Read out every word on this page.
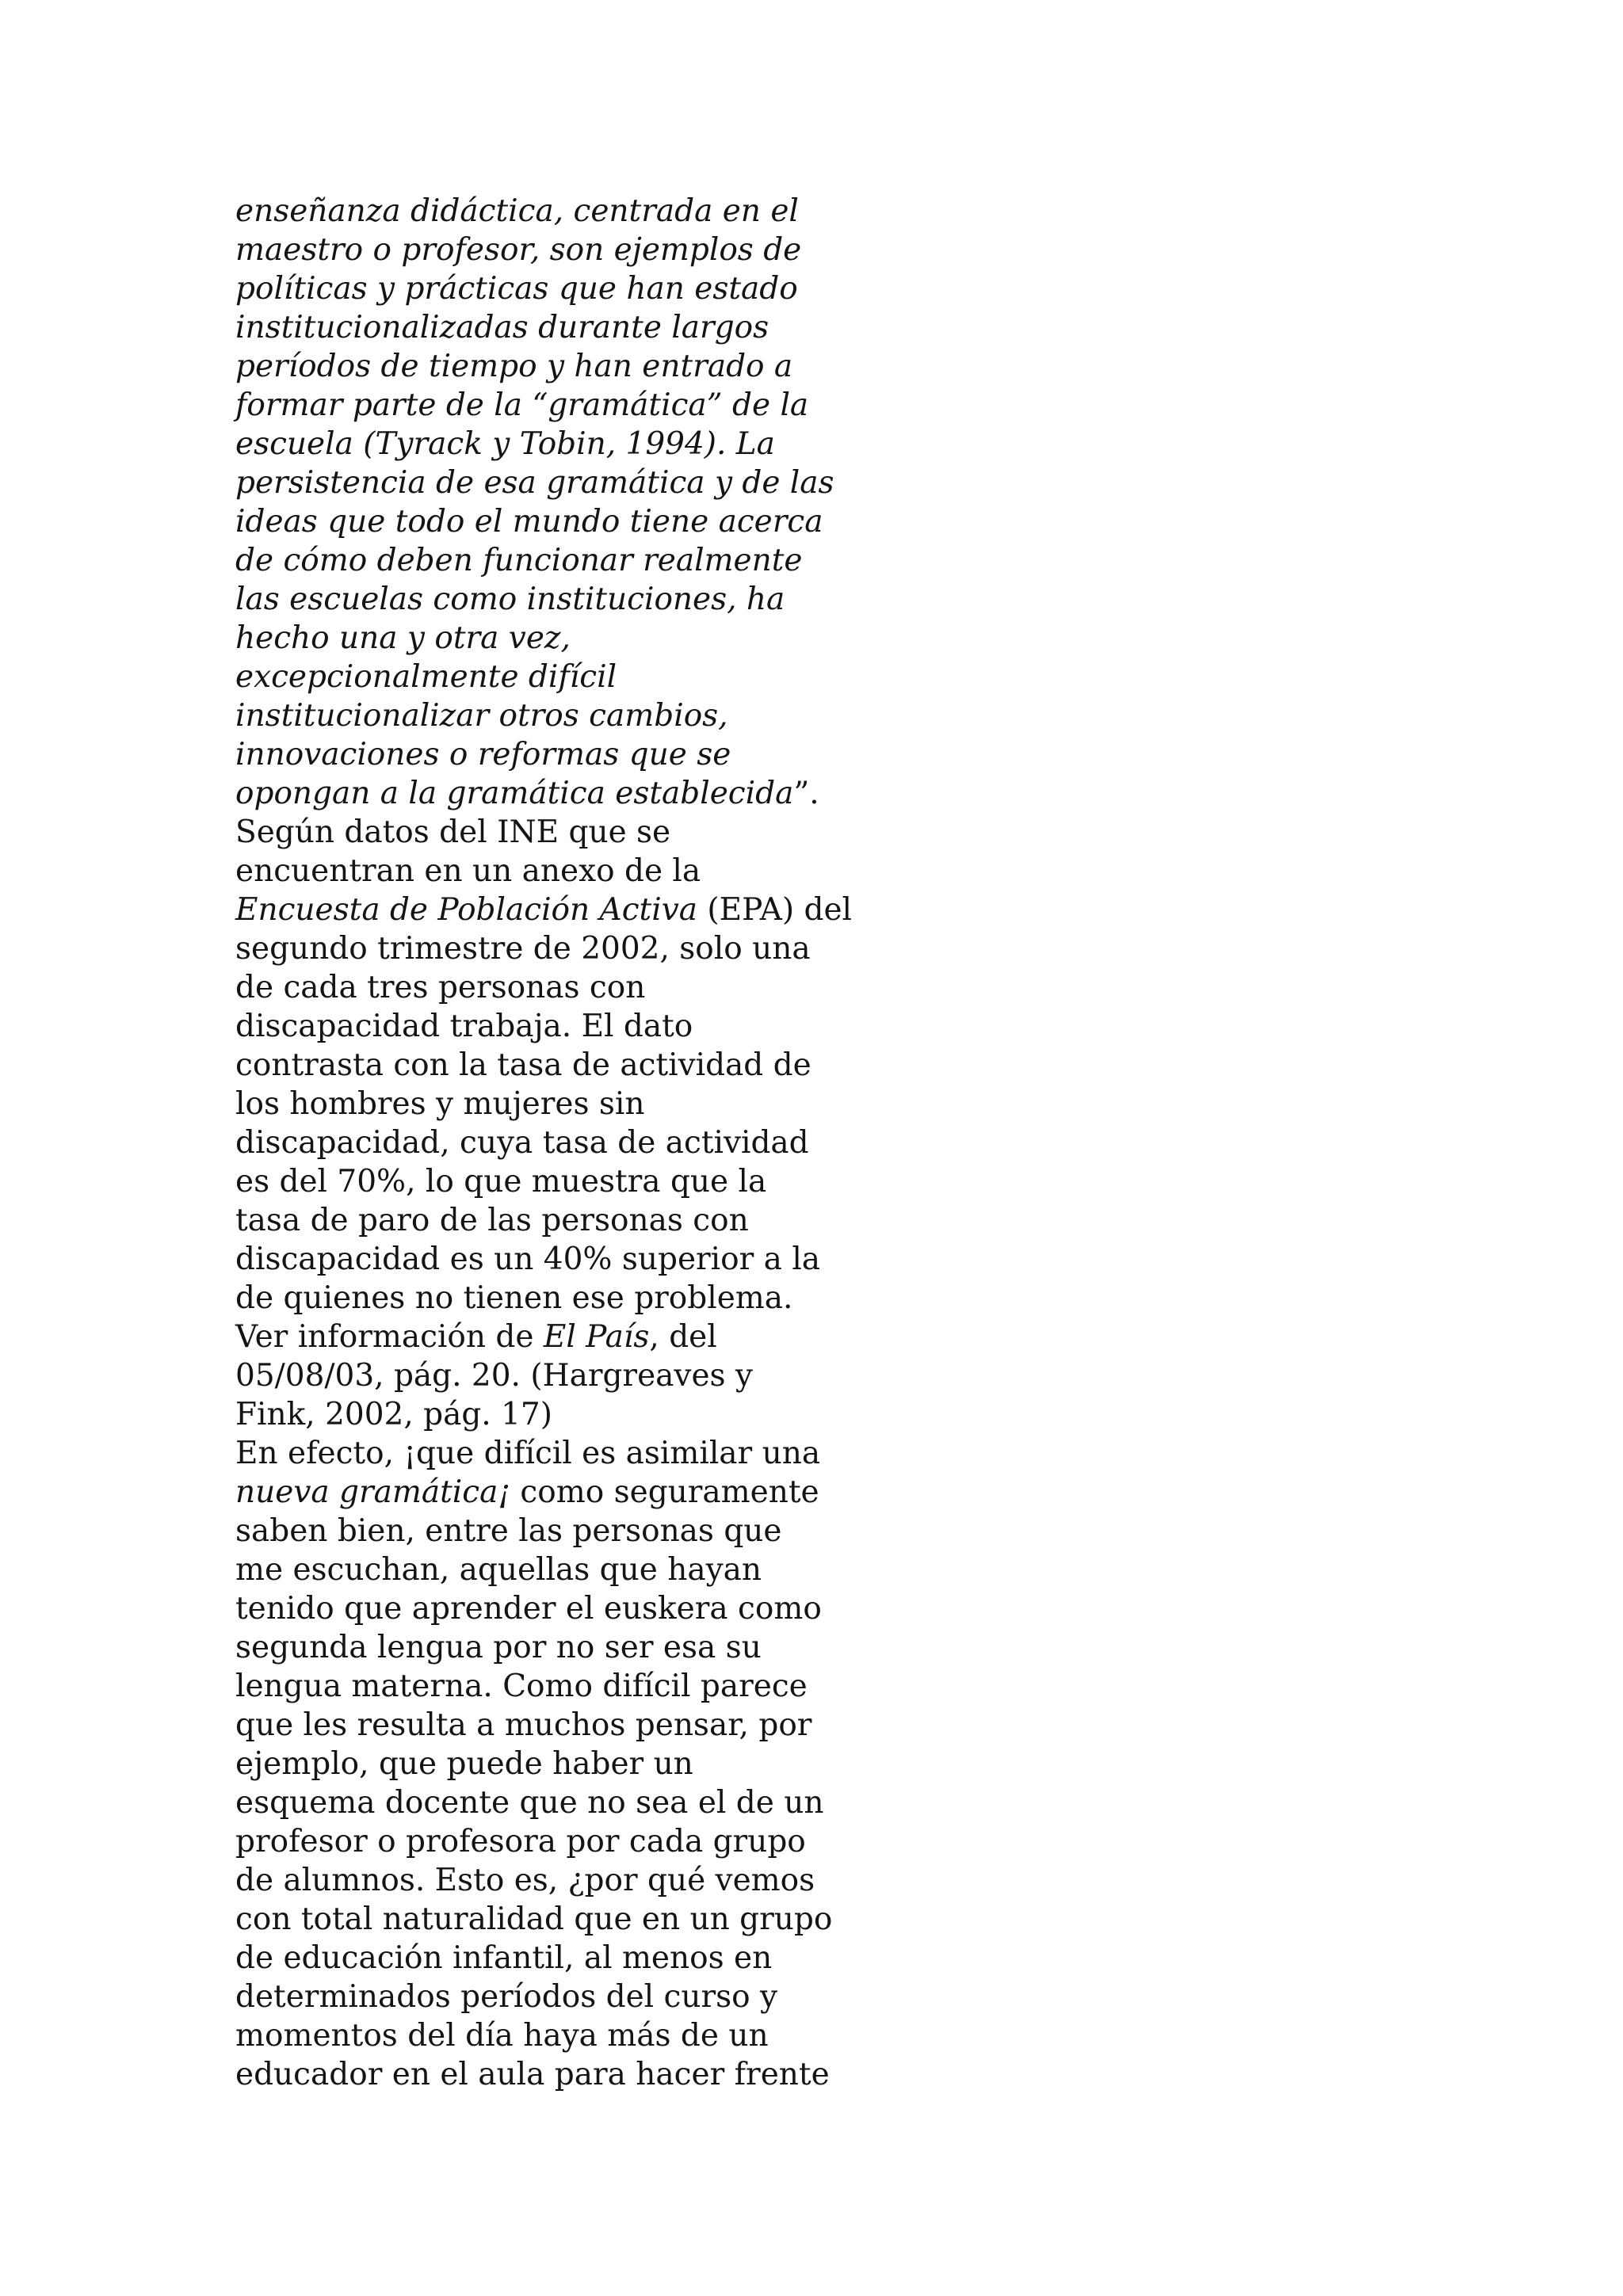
enseñanza didáctica, centrada en el
maestro o profesor, son ejemplos de
políticas y prácticas que han estado
institucionalizadas durante largos
períodos de tiempo y han entrado a
formar parte de la “gramática” de la
escuela (Tyrack y Tobin, 1994). La
persistencia de esa gramática y de las
ideas que todo el mundo tiene acerca
de cómo deben funcionar realmente
las escuelas como instituciones, ha
hecho una y otra vez,
excepcionalmente difícil
institucionalizar otros cambios,
innovaciones o reformas que se
opongan a la gramática establecida”.
Según datos del INE que se
encuentran en un anexo de la
Encuesta de Población Activa (EPA) del
segundo trimestre de 2002, solo una
de cada tres personas con
discapacidad trabaja. El dato
contrasta con la tasa de actividad de
los hombres y mujeres sin
discapacidad, cuya tasa de actividad
es del 70%, lo que muestra que la
tasa de paro de las personas con
discapacidad es un 40% superior a la
de quienes no tienen ese problema.
Ver información de El País, del
05/08/03, pág. 20. (Hargreaves y
Fink, 2002, pág. 17)
En efecto, ¡que difícil es asimilar una
nueva gramática¡ como seguramente
saben bien, entre las personas que
me escuchan, aquellas que hayan
tenido que aprender el euskera como
segunda lengua por no ser esa su
lengua materna. Como difícil parece
que les resulta a muchos pensar, por
ejemplo, que puede haber un
esquema docente que no sea el de un
profesor o profesora por cada grupo
de alumnos. Esto es, ¿por qué vemos
con total naturalidad que en un grupo
de educación infantil, al menos en
determinados períodos del curso y
momentos del día haya más de un
educador en el aula para hacer frente
